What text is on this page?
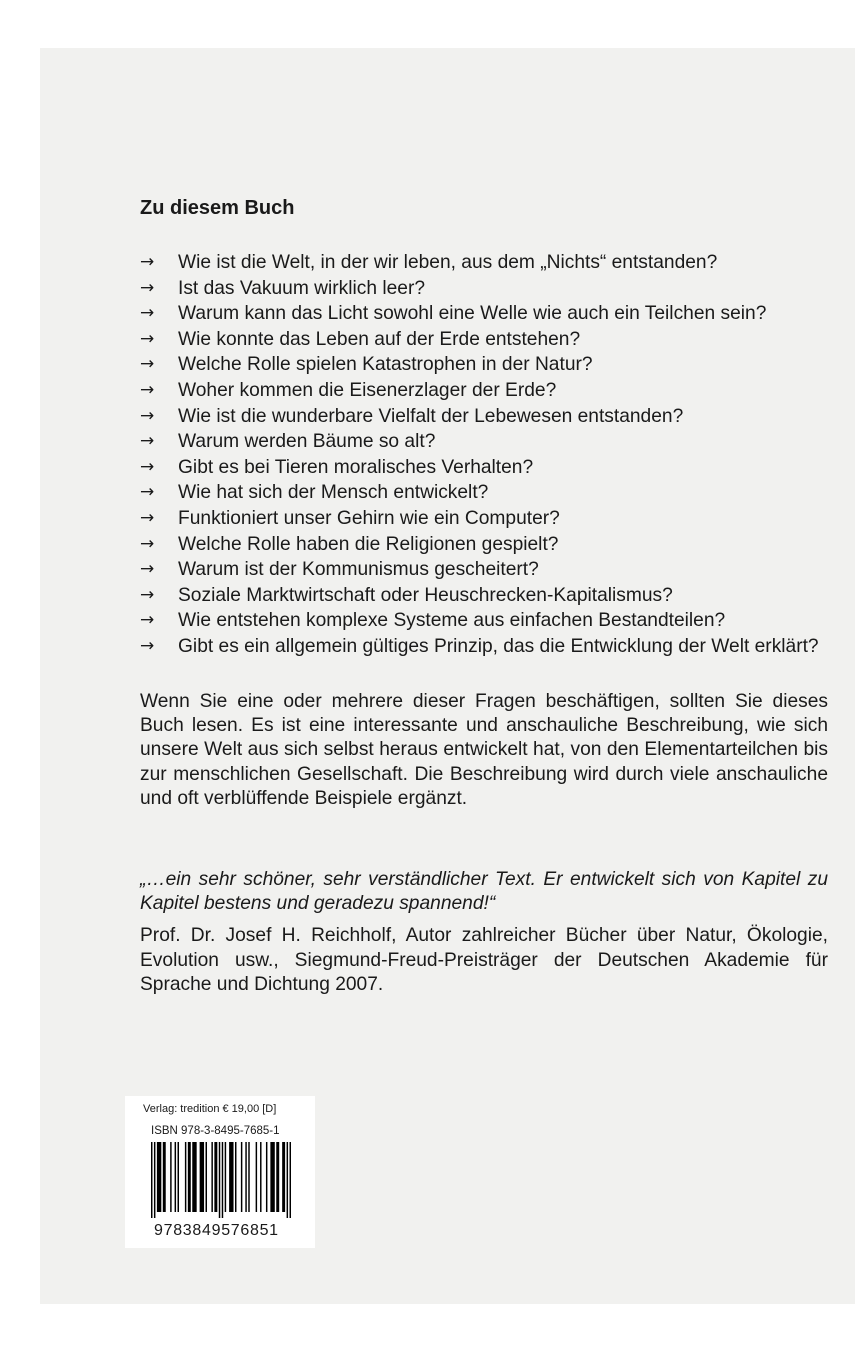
Zu diesem Buch
→	Wie ist die Welt, in der wir leben, aus dem „Nichts“ entstanden?
→	Ist das Vakuum wirklich leer?
→	Warum kann das Licht sowohl eine Welle wie auch ein Teilchen sein?
→	Wie konnte das Leben auf der Erde entstehen?
→	Welche Rolle spielen Katastrophen in der Natur?
→	Woher kommen die Eisenerzlager der Erde?
→	Wie ist die wunderbare Vielfalt der Lebewesen entstanden?
→	Warum werden Bäume so alt?
→	Gibt es bei Tieren moralisches Verhalten?
→	Wie hat sich der Mensch entwickelt?
→	Funktioniert unser Gehirn wie ein Computer?
→	Welche Rolle haben die Religionen gespielt?
→	Warum ist der Kommunismus gescheitert?
→	Soziale Marktwirtschaft oder Heuschrecken-Kapitalismus?
→	Wie entstehen komplexe Systeme aus einfachen Bestandteilen?
→	Gibt es ein allgemein gültiges Prinzip, das die Entwicklung der Welt erklärt?

Wenn Sie eine oder mehrere dieser Fragen beschäftigen, sollten Sie dieses Buch lesen. Es ist eine interessante und anschauliche Beschreibung, wie sich unsere Welt aus sich selbst heraus entwickelt hat, von den Elementarteilchen bis zur menschlichen Gesellschaft. Die Beschreibung wird durch viele anschauliche und oft verblüffende Beispiele ergänzt.

„…ein sehr schöner, sehr verständlicher Text. Er entwickelt sich von Kapitel zu Kapitel bestens und geradezu spannend!“

Prof. Dr. Josef H. Reichholf, Autor zahlreicher Bücher über Natur, Ökologie, Evolution usw., Siegmund-Freud-Preisträger der Deutschen Akademie für Sprache und Dichtung 2007.

Verlag: tredition € 19,00 [D]
ISBN 978-3-8495-7685-1
9783849576851
